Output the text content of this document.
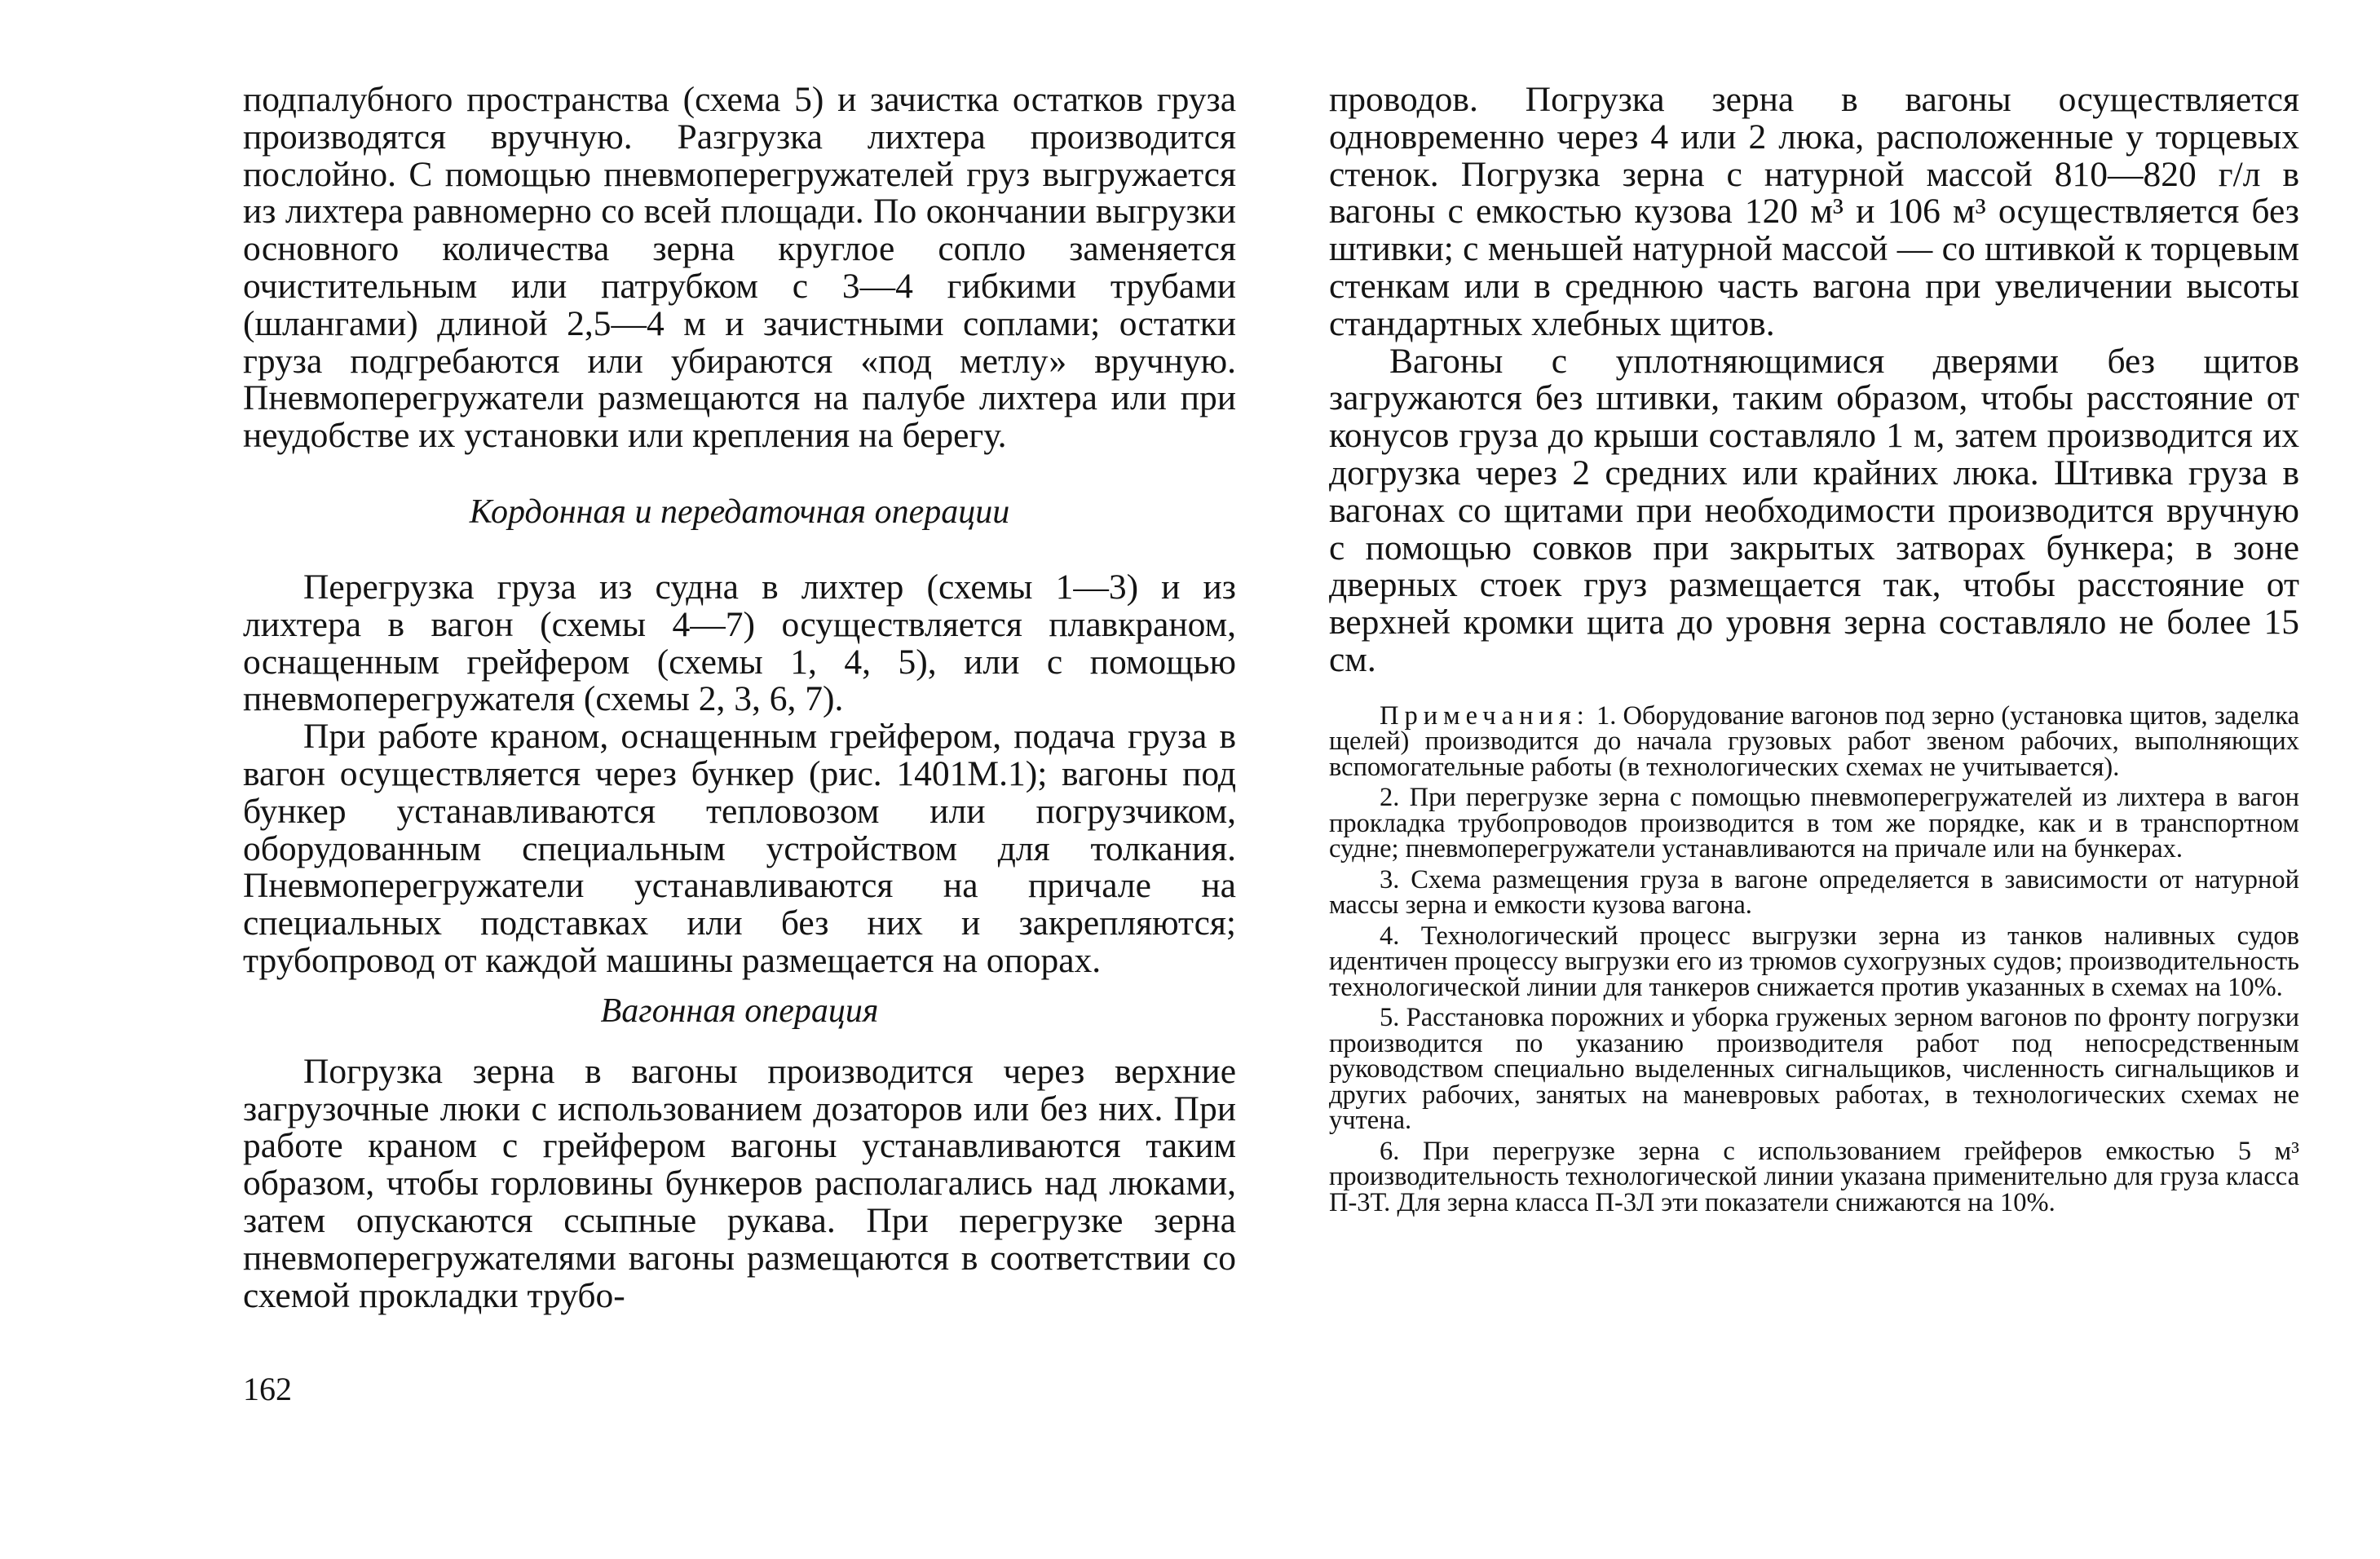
подпалубного пространства (схема 5) и зачистка остатков груза производятся вручную. Разгрузка лихтера производится послойно. С помощью пневмоперегружателей груз выгружается из лихтера равномерно со всей площади. По окончании выгрузки основного количества зерна круглое сопло заменяется очистительным или патрубком с 3—4 гибкими трубами (шлангами) длиной 2,5—4 м и зачистными соплами; остатки груза подгребаются или убираются «под метлу» вручную. Пневмоперегружатели размещаются на палубе лихтера или при неудобстве их установки или крепления на берегу.

Кордонная и передаточная операции

Перегрузка груза из судна в лихтер (схемы 1—3) и из лихтера в вагон (схемы 4—7) осуществляется плавкраном, оснащенным грейфером (схемы 1, 4, 5), или с помощью пневмоперегружателя (схемы 2, 3, 6, 7).

При работе краном, оснащенным грейфером, подача груза в вагон осуществляется через бункер (рис. 1401М.1); вагоны под бункер устанавливаются тепловозом или погрузчиком, оборудованным специальным устройством для толкания. Пневмоперегружатели устанавливаются на причале на специальных подставках или без них и закрепляются; трубопровод от каждой машины размещается на опорах.

Вагонная операция

Погрузка зерна в вагоны производится через верхние загрузочные люки с использованием дозаторов или без них. При работе краном с грейфером вагоны устанавливаются таким образом, чтобы горловины бункеров располагались над люками, затем опускаются ссыпные рукава. При перегрузке зерна пневмоперегружателями вагоны размещаются в соответствии со схемой прокладки трубо-

162

проводов. Погрузка зерна в вагоны осуществляется одновременно через 4 или 2 люка, расположенные у торцевых стенок. Погрузка зерна с натурной массой 810—820 г/л в вагоны с емкостью кузова 120 м³ и 106 м³ осуществляется без штивки; с меньшей натурной массой — со штивкой к торцевым стенкам или в среднюю часть вагона при увеличении высоты стандартных хлебных щитов.

Вагоны с уплотняющимися дверями без щитов загружаются без штивки, таким образом, чтобы расстояние от конусов груза до крыши составляло 1 м, затем производится их догрузка через 2 средних или крайних люка. Штивка груза в вагонах со щитами при необходимости производится вручную с помощью совков при закрытых затворах бункера; в зоне дверных стоек груз размещается так, чтобы расстояние от верхней кромки щита до уровня зерна составляло не более 15 см.

Примечания: 1. Оборудование вагонов под зерно (установка щитов, заделка щелей) производится до начала грузовых работ звеном рабочих, выполняющих вспомогательные работы (в технологических схемах не учитывается).

2. При перегрузке зерна с помощью пневмоперегружателей из лихтера в вагон прокладка трубопроводов производится в том же порядке, как и в транспортном судне; пневмоперегружатели устанавливаются на причале или на бункерах.

3. Схема размещения груза в вагоне определяется в зависимости от натурной массы зерна и емкости кузова вагона.

4. Технологический процесс выгрузки зерна из танков наливных судов идентичен процессу выгрузки его из трюмов сухогрузных судов; производительность технологической линии для танкеров снижается против указанных в схемах на 10%.

5. Расстановка порожних и уборка груженых зерном вагонов по фронту погрузки производится по указанию производителя работ под непосредственным руководством специально выделенных сигнальщиков, численность сигнальщиков и других рабочих, занятых на маневровых работах, в технологических схемах не учтена.

6. При перегрузке зерна с использованием грейферов емкостью 5 м³ производительность технологической линии указана применительно для груза класса П-3Т. Для зерна класса П-3Л эти показатели снижаются на 10%.
